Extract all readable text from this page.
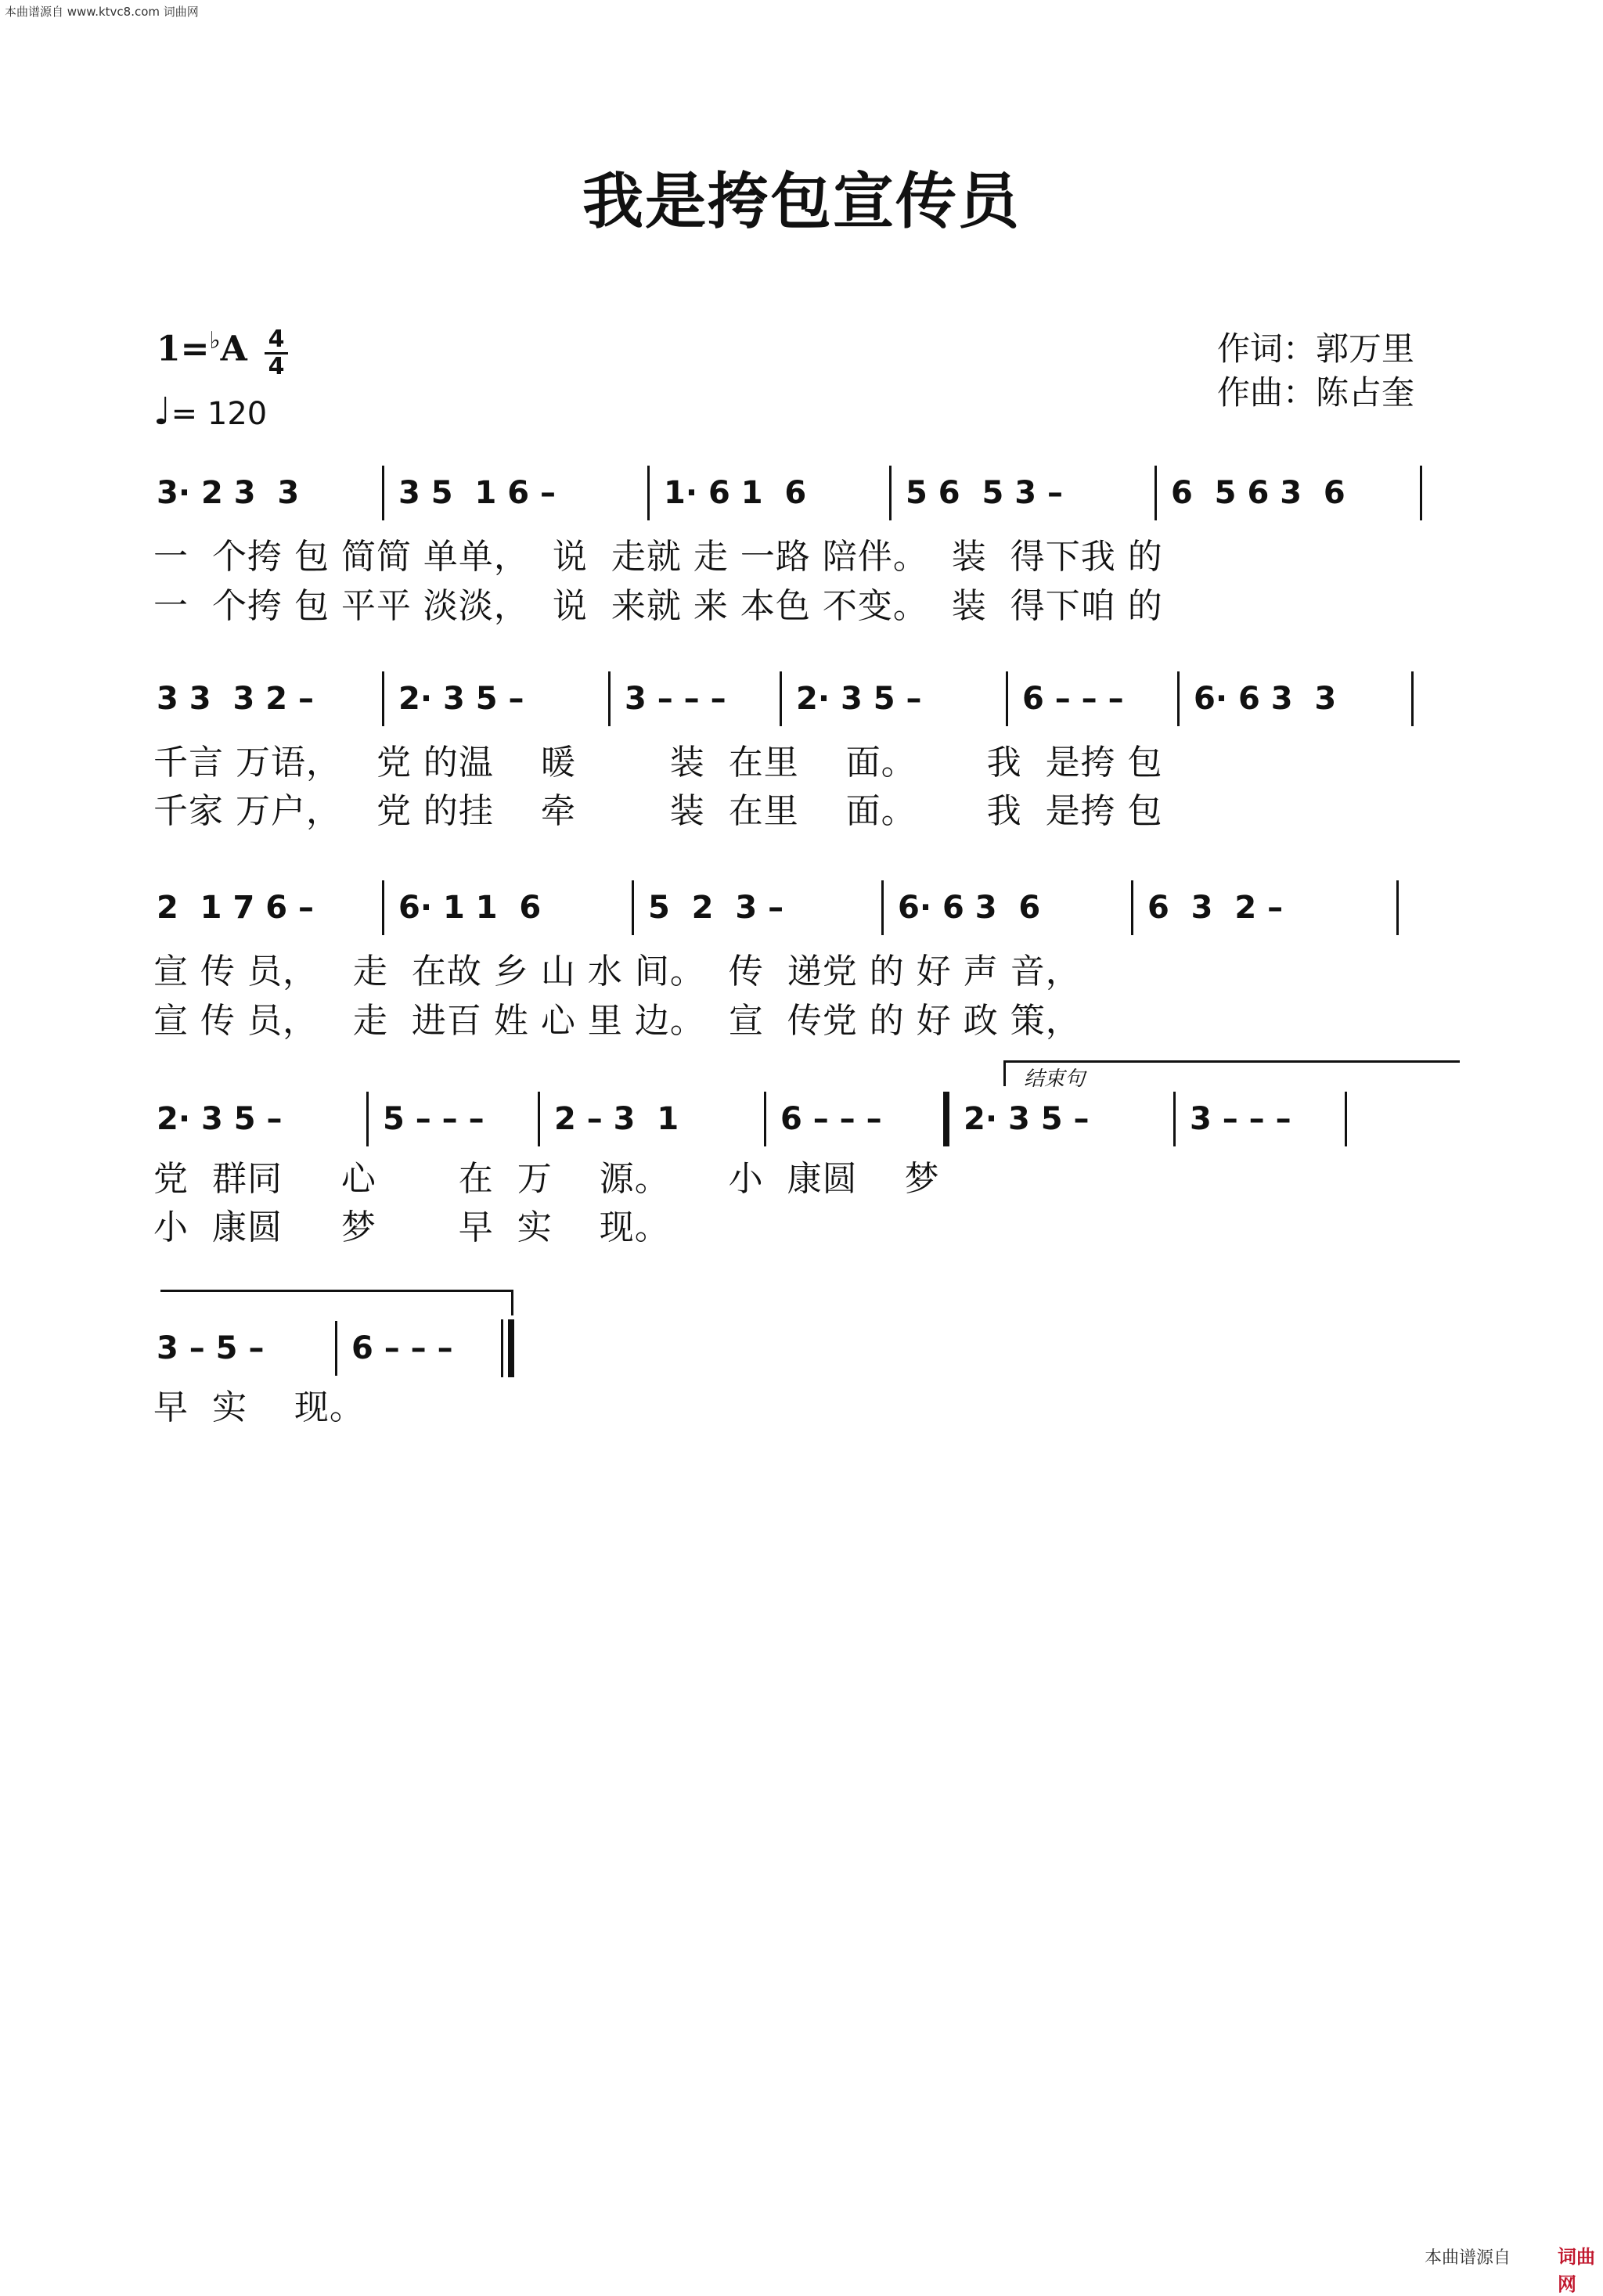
本曲谱源自 www.ktvc8.com 词曲网
我是挎包宣传员
1=♭A 4
4
♩= 120
作词：郭万里
作曲：陈占奎
3· 2 3  3	3 5  1 6 –	1· 6 1  6	5 6  5 3 –	6  5 6 3  6
一  个挎 包 简简 单单，  说  走就 走 一路 陪伴。  装  得下我 的
一  个挎 包 平平 淡淡，  说  来就 来 本色 不变。  装  得下咱 的
3 3  3 2 –	2· 3 5 –	3 – – –	2· 3 5 –	6 – – –	6· 6 3  3
千言 万语，   党 的温    暖        装  在里    面。      我  是挎 包
千家 万户，   党 的挂    牵        装  在里    面。      我  是挎 包
2  1 7 6 –	6· 1 1  6	5  2  3 –	6· 6 3  6	6  3  2 –
宣 传 员，   走  在故 乡 山 水 间。  传  递党 的 好 声 音，
宣 传 员，   走  进百 姓 心 里 边。  宣  传党 的 好 政 策，
结束句
2· 3 5 –	5 – – –	2 – 3  1	6 – – –	2· 3 5 –	3 – – –
党  群同     心       在  万    源。     小  康圆    梦
小  康圆     梦       早  实    现。
3 – 5 –	6 – – –
早  实    现。
本曲谱源自 词曲网
